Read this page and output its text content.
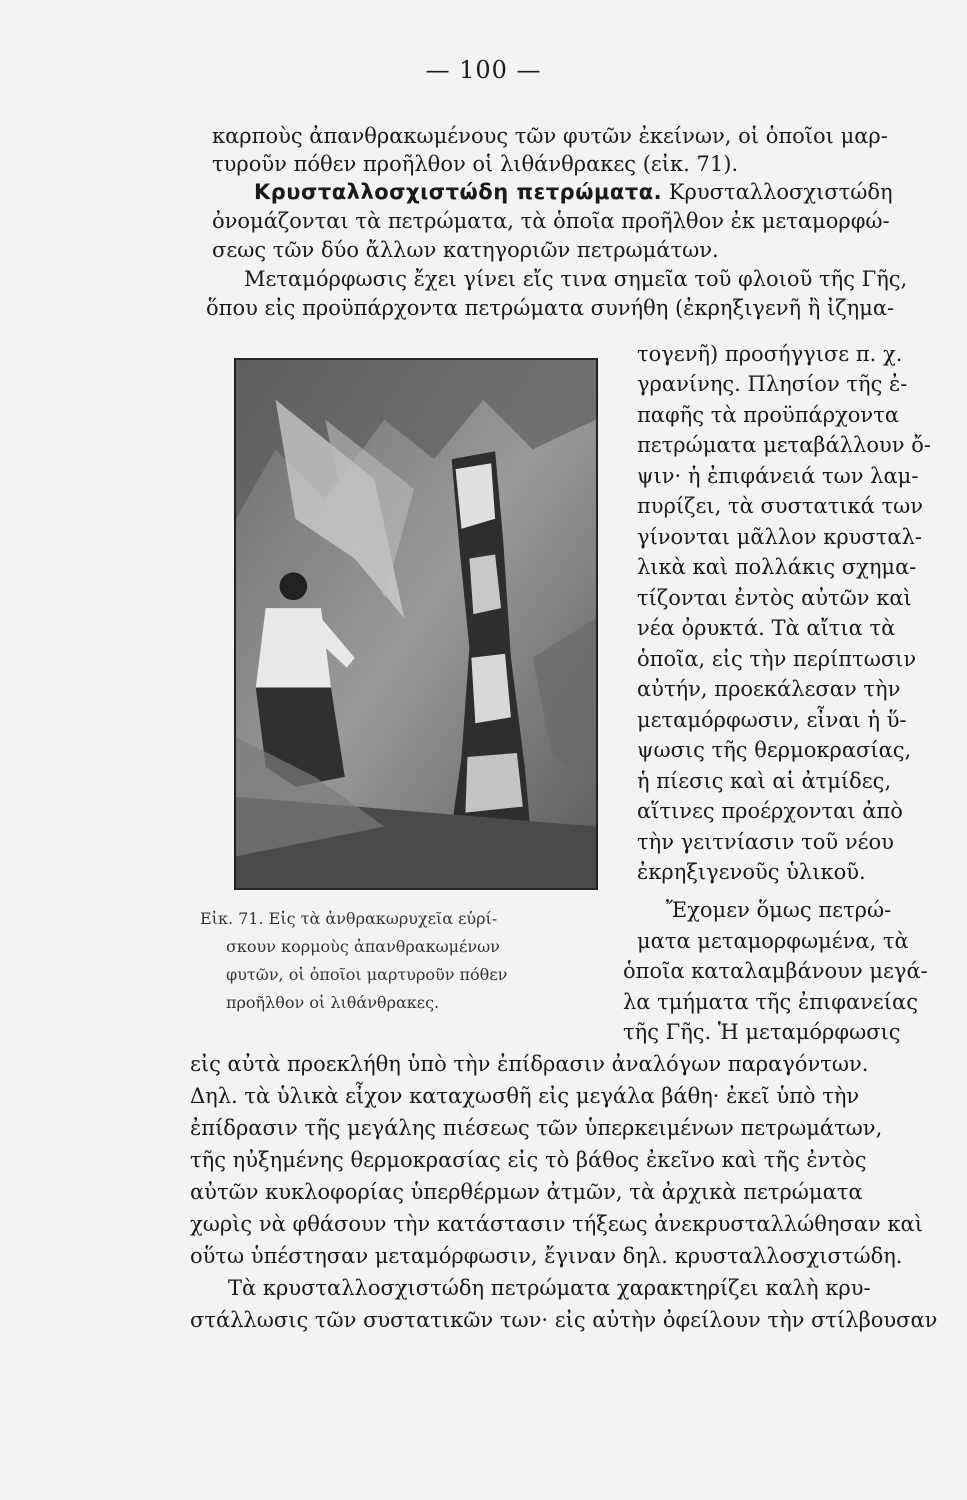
— 100 —
καρποὺς ἀπανθρακωμένους τῶν φυτῶν ἐκείνων, οἱ ὁποῖοι μαρ-
τυροῦν πόθεν προῆλθον οἱ λιθάνθρακες (εἰκ. 71).
Κρυσταλλοσχιστώδη πετρώματα. Κρυσταλλοσχιστώδη
ὀνομάζονται τὰ πετρώματα, τὰ ὁποῖα προῆλθον ἐκ μεταμορφώ-
σεως τῶν δύο ἄλλων κατηγοριῶν πετρωμάτων.
Μεταμόρφωσις ἔχει γίνει εἴς τινα σημεῖα τοῦ φλοιοῦ τῆς Γῆς,
ὅπου εἰς προϋπάρχοντα πετρώματα συνήθη (ἐκρηξιγενῆ ἢ ἰζημα-
τογενῆ) προσήγγισε π. χ.
γρανίνης. Πλησίον τῆς ἐ-
παφῆς τὰ προϋπάρχοντα
πετρώματα μεταβάλλουν ὄ-
ψιν· ἡ ἐπιφάνειά των λαμ-
πυρίζει, τὰ συστατικά των
γίνονται μᾶλλον κρυσταλ-
λικὰ καὶ πολλάκις σχημα-
τίζονται ἐντὸς αὐτῶν καὶ
νέα ὀρυκτά. Τὰ αἴτια τὰ
ὁποῖα, εἰς τὴν περίπτωσιν
αὐτήν, προεκάλεσαν τὴν
μεταμόρφωσιν, εἶναι ἡ ὕ-
ψωσις τῆς θερμοκρασίας,
ἡ πίεσις καὶ αἱ ἀτμίδες,
αἵτινες προέρχονται ἀπὸ
τὴν γειτνίασιν τοῦ νέου
ἐκρηξιγενοῦς ὑλικοῦ.
Ἔχομεν ὅμως πετρώ-
ματα μεταμορφωμένα, τὰ
ὁποῖα καταλαμβάνουν μεγά-
λα τμήματα τῆς ἐπιφανείας
τῆς Γῆς. Ἡ μεταμόρφωσις
Εἰκ. 71. Εἰς τὰ ἀνθρακωρυχεῖα εὑρί-
σκουν κορμοὺς ἀπανθρακωμένων
φυτῶν, οἱ ὁποῖοι μαρτυροῦν πόθεν
προῆλθον οἱ λιθάνθρακες.
εἰς αὐτὰ προεκλήθη ὑπὸ τὴν ἐπίδρασιν ἀναλόγων παραγόντων.
Δηλ. τὰ ὑλικὰ εἶχον καταχωσθῆ εἰς μεγάλα βάθη· ἐκεῖ ὑπὸ τὴν
ἐπίδρασιν τῆς μεγάλης πιέσεως τῶν ὑπερκειμένων πετρωμάτων,
τῆς ηὐξημένης θερμοκρασίας εἰς τὸ βάθος ἐκεῖνο καὶ τῆς ἐντὸς
αὐτῶν κυκλοφορίας ὑπερθέρμων ἀτμῶν, τὰ ἀρχικὰ πετρώματα
χωρὶς νὰ φθάσουν τὴν κατάστασιν τήξεως ἀνεκρυσταλλώθησαν καὶ
οὕτω ὑπέστησαν μεταμόρφωσιν, ἔγιναν δηλ. κρυσταλλοσχιστώδη.
Τὰ κρυσταλλοσχιστώδη πετρώματα χαρακτηρίζει καλὴ κρυ-
στάλλωσις τῶν συστατικῶν των· εἰς αὐτὴν ὀφείλουν τὴν στίλβουσαν
